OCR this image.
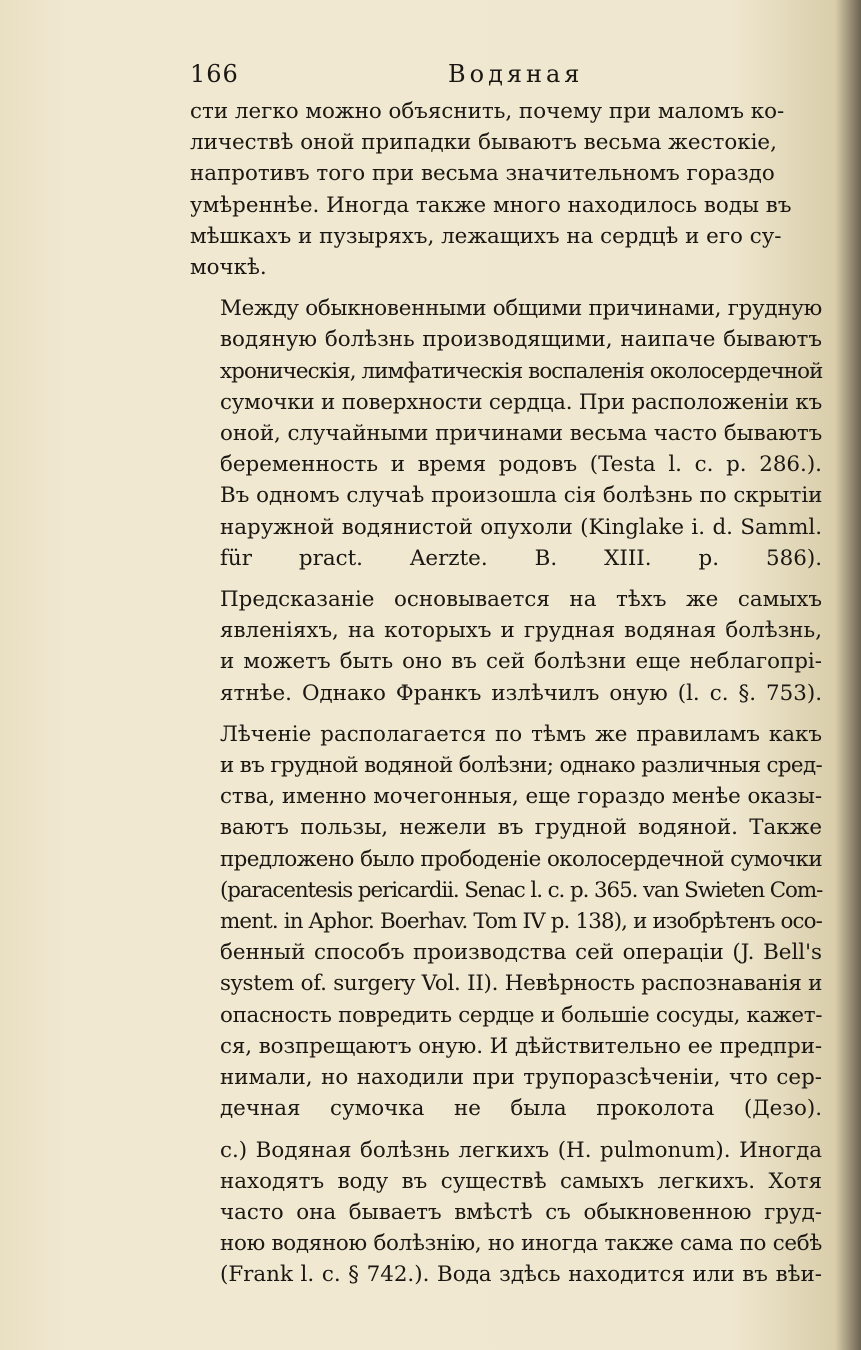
166	Водяная

сти легко можно объяснить, почему при маломъ ко-
личествѣ оной припадки бываютъ весьма жестокіе,
напротивъ того при весьма значительномъ гораздо
умѣреннѣе. Иногда также много находилось воды въ
мѣшкахъ и пузыряхъ, лежащихъ на сердцѣ и его су-
мочкѣ.

Между обыкновенными общими причинами, грудную
водяную болѣзнь производящими, наипаче бываютъ
хроническія, лимфатическія воспаленія околосердечной
сумочки и поверхности сердца. При расположеніи къ
оной, случайными причинами весьма часто бываютъ
беременность и время родовъ (Testa l. c. p. 286.).
Въ одномъ случаѣ произошла сія болѣзнь по скрытіи
наружной водянистой опухоли (Kinglake i. d. Samml.
für pract. Aerzte. B. XIII. p. 586).

Предсказаніе основывается на тѣхъ же самыхъ
явленіяхъ, на которыхъ и грудная водяная болѣзнь,
и можетъ быть оно въ сей болѣзни еще неблагопрі-
ятнѣе. Однако Франкъ излѣчилъ оную (l. c. §. 753).

Лѣченіе располагается по тѣмъ же правиламъ какъ
и въ грудной водяной болѣзни; однако различныя сред-
ства, именно мочегонныя, еще гораздо менѣе оказы-
ваютъ пользы, нежели въ грудной водяной. Также
предложено было прободеніе околосердечной сумочки
(paracentesis pericardii. Senac l. c. p. 365. van Swieten Com-
ment. in Aphor. Boerhav. Tom IV p. 138), и изобрѣтенъ осо-
бенный способъ производства сей операціи (J. Bell's
system of. surgery Vol. II). Невѣрность распознаванія и
опасность повредить сердце и большіе сосуды, кажет-
ся, возпрещаютъ оную. И дѣйствительно ее предпри-
нимали, но находили при трупоразсѣченіи, что сер-
дечная сумочка не была проколота (Дезо).

c.) Водяная болѣзнь легкихъ (H. pulmonum). Иногда
находятъ воду въ существѣ самыхъ легкихъ. Хотя
часто она бываетъ вмѣстѣ съ обыкновенною груд-
ною водяною болѣзнію, но иногда также сама по себѣ
(Frank l. c. § 742.). Вода здѣсь находится или въ вѣи-
